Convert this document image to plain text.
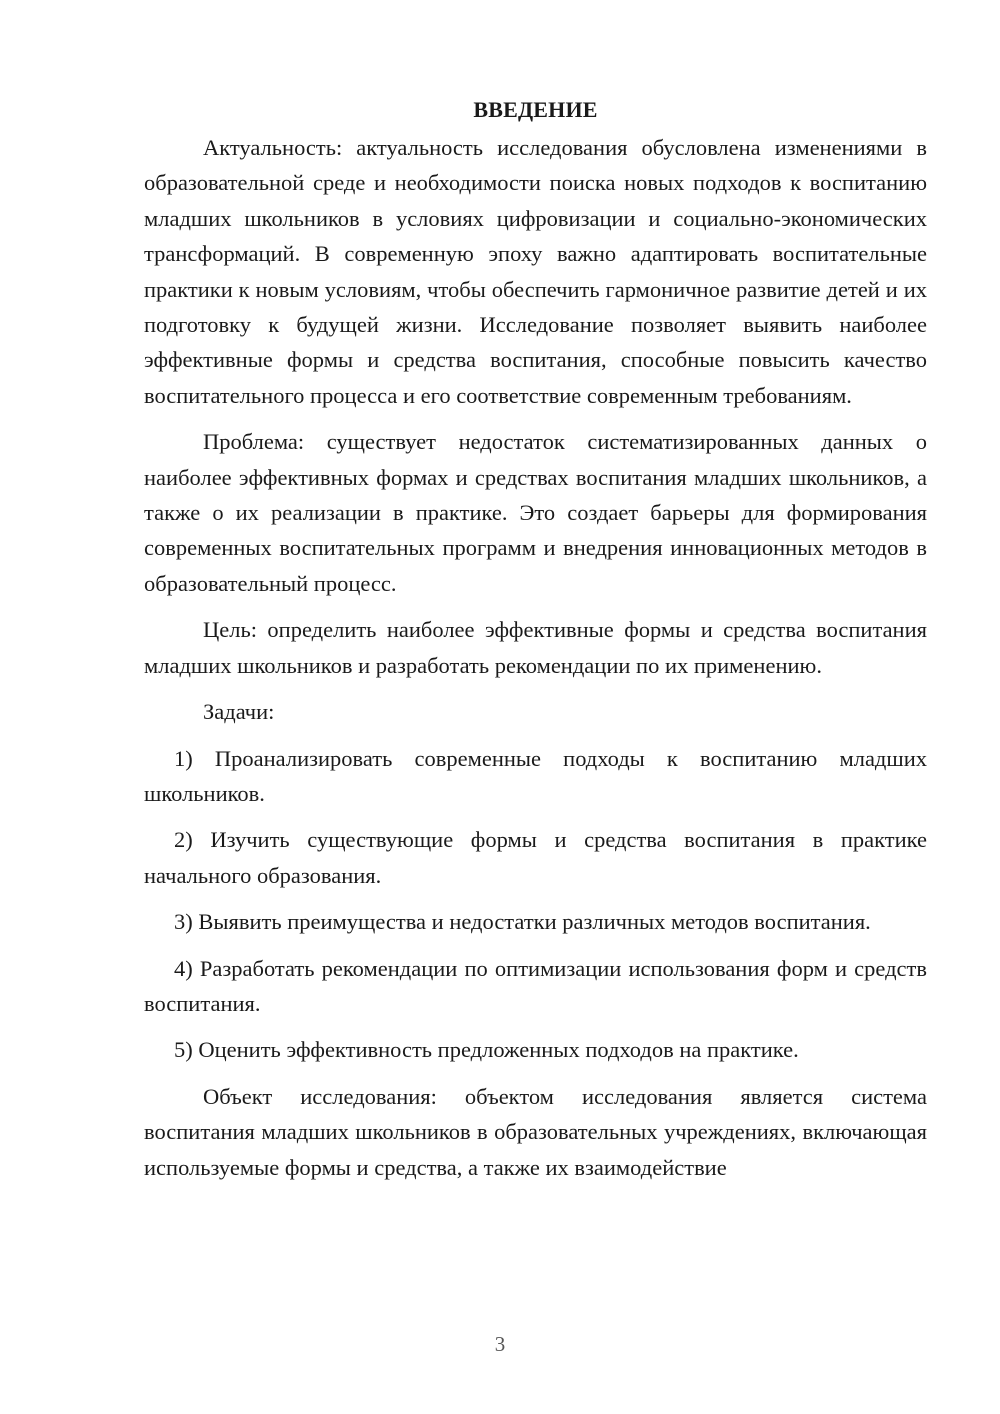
ВВЕДЕНИЕ

Актуальность: актуальность исследования обусловлена изменениями в образовательной среде и необходимости поиска новых подходов к воспитанию младших школьников в условиях цифровизации и социально-экономических трансформаций. В современную эпоху важно адаптировать воспитательные практики к новым условиям, чтобы обеспечить гармоничное развитие детей и их подготовку к будущей жизни. Исследование позволяет выявить наиболее эффективные формы и средства воспитания, способные повысить качество воспитательного процесса и его соответствие современным требованиям.

Проблема: существует недостаток систематизированных данных о наиболее эффективных формах и средствах воспитания младших школьников, а также о их реализации в практике. Это создает барьеры для формирования современных воспитательных программ и внедрения инновационных методов в образовательный процесс.

Цель: определить наиболее эффективные формы и средства воспитания младших школьников и разработать рекомендации по их применению.

Задачи:

1) Проанализировать современные подходы к воспитанию младших школьников.

2) Изучить существующие формы и средства воспитания в практике начального образования.

3) Выявить преимущества и недостатки различных методов воспитания.

4) Разработать рекомендации по оптимизации использования форм и средств воспитания.

5) Оценить эффективность предложенных подходов на практике.

Объект исследования: объектом исследования является система воспитания младших школьников в образовательных учреждениях, включающая используемые формы и средства, а также их взаимодействие

3
